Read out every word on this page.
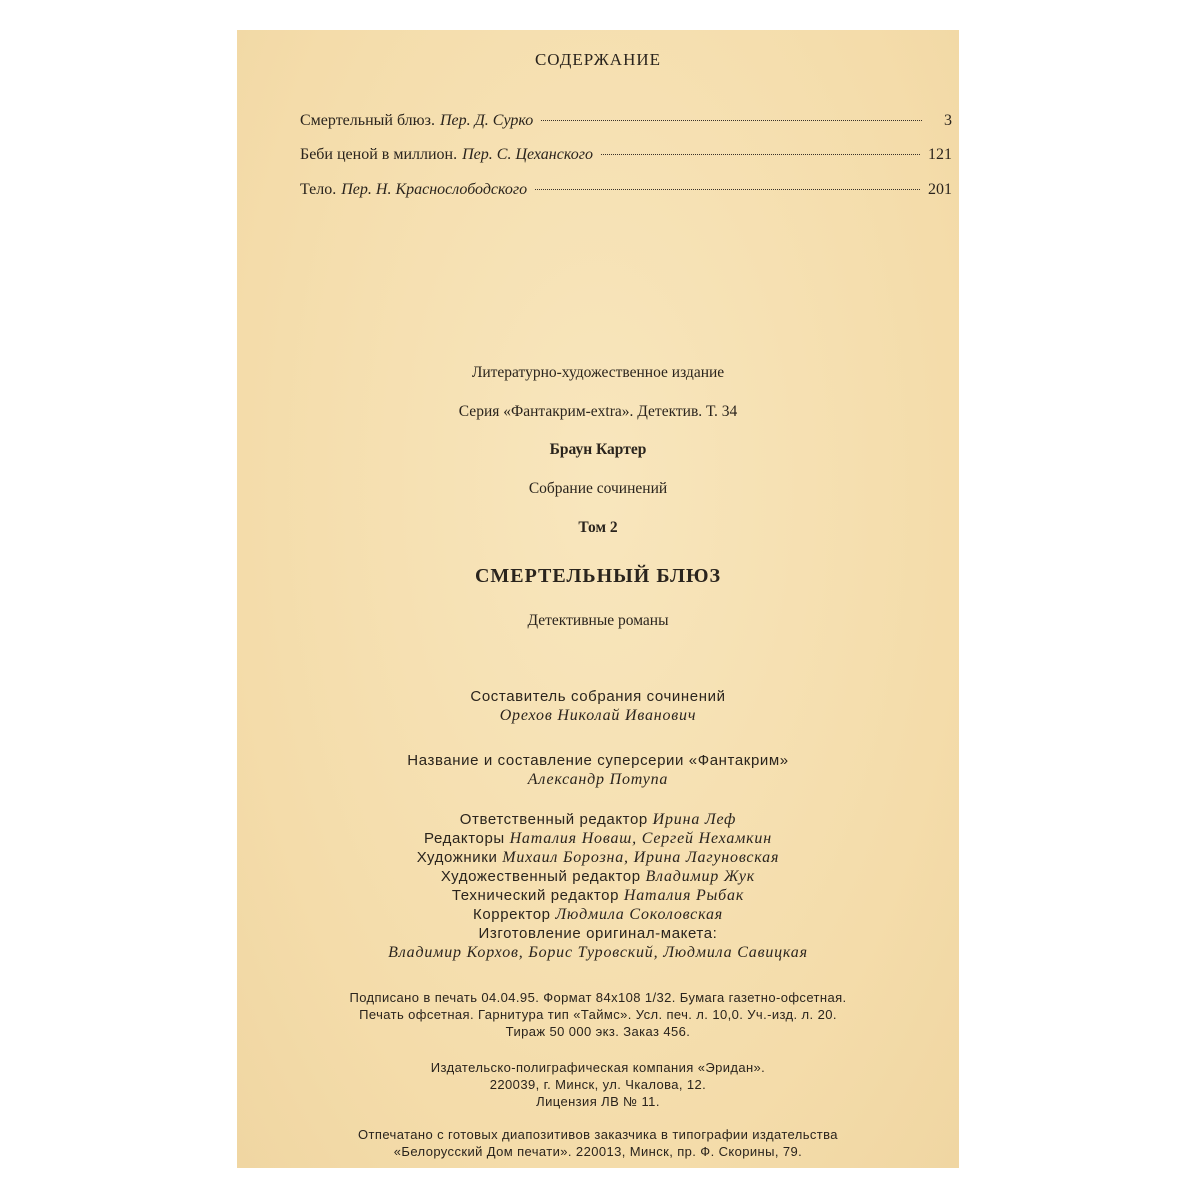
СОДЕРЖАНИЕ
Смертельный блюз. Пер. Д. Сурко	3
Беби ценой в миллион. Пер. С. Цеханского	121
Тело. Пер. Н. Краснослободского	201
Литературно-художественное издание
Серия «Фантакрим-extra». Детектив. Т. 34
Браун Картер
Собрание сочинений
Том 2
СМЕРТЕЛЬНЫЙ БЛЮЗ
Детективные романы
Составитель собрания сочинений
Орехов Николай Иванович
Название и составление суперсерии «Фантакрим»
Александр Потупа
Ответственный редактор Ирина Леф
Редакторы Наталия Новаш, Сергей Нехамкин
Художники Михаил Борозна, Ирина Лагуновская
Художественный редактор Владимир Жук
Технический редактор Наталия Рыбак
Корректор Людмила Соколовская
Изготовление оригинал-макета:
Владимир Корхов, Борис Туровский, Людмила Савицкая
Подписано в печать 04.04.95. Формат 84x108 1/32. Бумага газетно-офсетная.
Печать офсетная. Гарнитура тип «Таймс». Усл. печ. л. 10,0. Уч.-изд. л. 20.
Тираж 50 000 экз. Заказ 456.
Издательско-полиграфическая компания «Эридан».
220039, г. Минск, ул. Чкалова, 12.
Лицензия ЛВ № 11.
Отпечатано с готовых диапозитивов заказчика в типографии издательства
«Белорусский Дом печати». 220013, Минск, пр. Ф. Скорины, 79.
